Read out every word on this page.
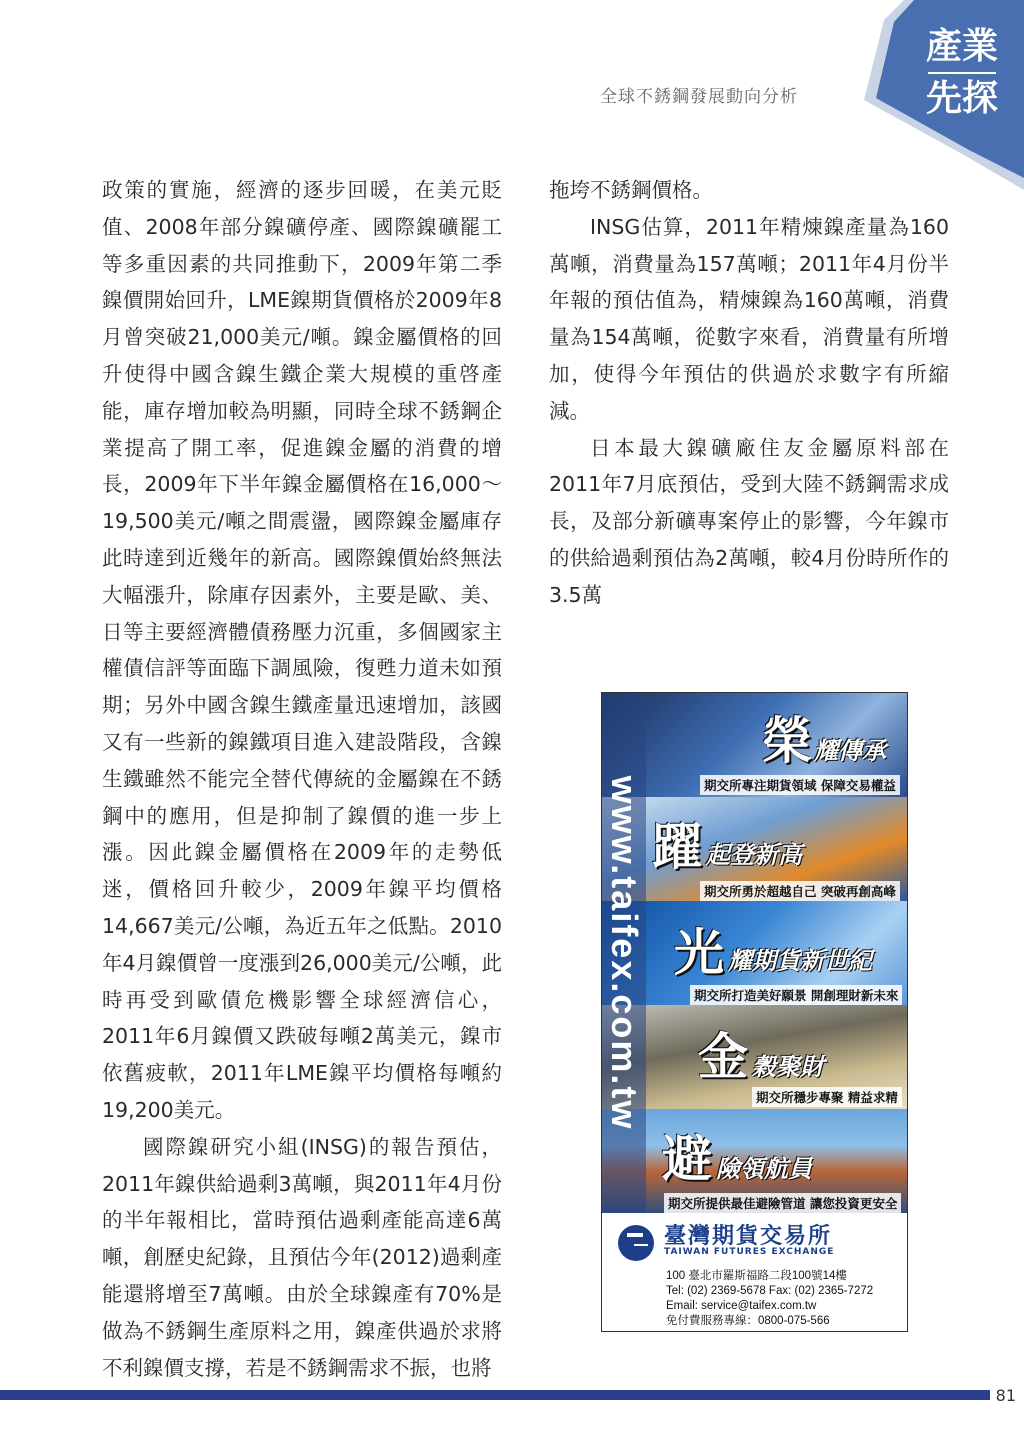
產業
先探
全球不銹鋼發展動向分析

政策的實施，經濟的逐步回暖，在美元貶值、2008年部分鎳礦停產、國際鎳礦罷工等多重因素的共同推動下，2009年第二季鎳價開始回升，LME鎳期貨價格於2009年8月曾突破21,000美元/噸。鎳金屬價格的回升使得中國含鎳生鐵企業大規模的重啓產能，庫存增加較為明顯，同時全球不銹鋼企業提高了開工率，促進鎳金屬的消費的增長，2009年下半年鎳金屬價格在16,000～19,500美元/噸之間震盪，國際鎳金屬庫存此時達到近幾年的新高。國際鎳價始終無法大幅漲升，除庫存因素外，主要是歐、美、日等主要經濟體債務壓力沉重，多個國家主權債信評等面臨下調風險，復甦力道未如預期；另外中國含鎳生鐵產量迅速增加，該國又有一些新的鎳鐵項目進入建設階段，含鎳生鐵雖然不能完全替代傳統的金屬鎳在不銹鋼中的應用，但是抑制了鎳價的進一步上漲。因此鎳金屬價格在2009年的走勢低迷，價格回升較少，2009年鎳平均價格14,667美元/公噸，為近五年之低點。2010年4月鎳價曾一度漲到26,000美元/公噸，此時再受到歐債危機影響全球經濟信心，2011年6月鎳價又跌破每噸2萬美元，鎳市依舊疲軟，2011年LME鎳平均價格每噸約19,200美元。

國際鎳研究小組(INSG)的報告預估，2011年鎳供給過剩3萬噸，與2011年4月份的半年報相比，當時預估過剩產能高達6萬噸，創歷史紀錄，且預估今年(2012)過剩產能還將增至7萬噸。由於全球鎳產有70%是做為不銹鋼生產原料之用，鎳產供過於求將不利鎳價支撐，若是不銹鋼需求不振，也將

拖垮不銹鋼價格。

INSG估算，2011年精煉鎳產量為160萬噸，消費量為157萬噸；2011年4月份半年報的預估值為，精煉鎳為160萬噸，消費量為154萬噸，從數字來看，消費量有所增加，使得今年預估的供過於求數字有所縮減。

日本最大鎳礦廠住友金屬原料部在2011年7月底預估，受到大陸不銹鋼需求成長，及部分新礦專案停止的影響，今年鎳市的供給過剩預估為2萬噸，較4月份時所作的3.5萬

www.taifex.com.tw
榮 耀傳承
期交所專注期貨領域 保障交易權益
躍 起登新高
期交所勇於超越自己 突破再創高峰
光 耀期貨新世紀
期交所打造美好願景 開創理財新未來
金 穀聚財
期交所穩步專聚 精益求精
避 險領航員
期交所提供最佳避險管道 讓您投資更安全
臺灣期貨交易所
TAIWAN FUTURES EXCHANGE
100 臺北市羅斯福路二段100號14樓
Tel: (02) 2369-5678 Fax: (02) 2365-7272
Email: service@taifex.com.tw
免付費服務專線：0800-075-566
81
